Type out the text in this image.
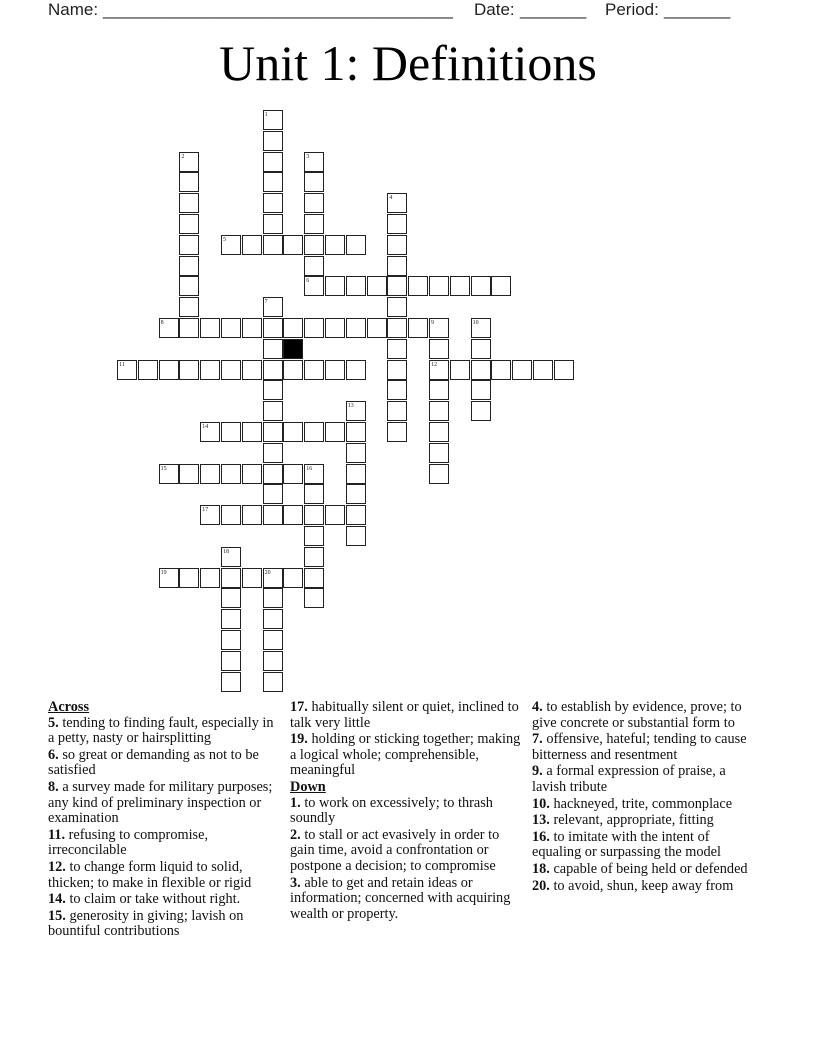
Name: _____________________________________ Date: _______ Period: _______
Unit 1: Definitions
1
2	3
4
5
6
7
8	9	10
11	12
13
14
15	16
17
18
19	20
Across
5. tending to finding fault, especially in a petty, nasty or hairsplitting
6. so great or demanding as not to be satisfied
8. a survey made for military purposes; any kind of preliminary inspection or examination
11. refusing to compromise, irreconcilable
12. to change form liquid to solid, thicken; to make in flexible or rigid
14. to claim or take without right.
15. generosity in giving; lavish on bountiful contributions
17. habitually silent or quiet, inclined to talk very little
19. holding or sticking together; making a logical whole; comprehensible, meaningful
Down
1. to work on excessively; to thrash soundly
2. to stall or act evasively in order to gain time, avoid a confrontation or postpone a decision; to compromise
3. able to get and retain ideas or information; concerned with acquiring wealth or property.
4. to establish by evidence, prove; to give concrete or substantial form to
7. offensive, hateful; tending to cause bitterness and resentment
9. a formal expression of praise, a lavish tribute
10. hackneyed, trite, commonplace
13. relevant, appropriate, fitting
16. to imitate with the intent of equaling or surpassing the model
18. capable of being held or defended
20. to avoid, shun, keep away from
